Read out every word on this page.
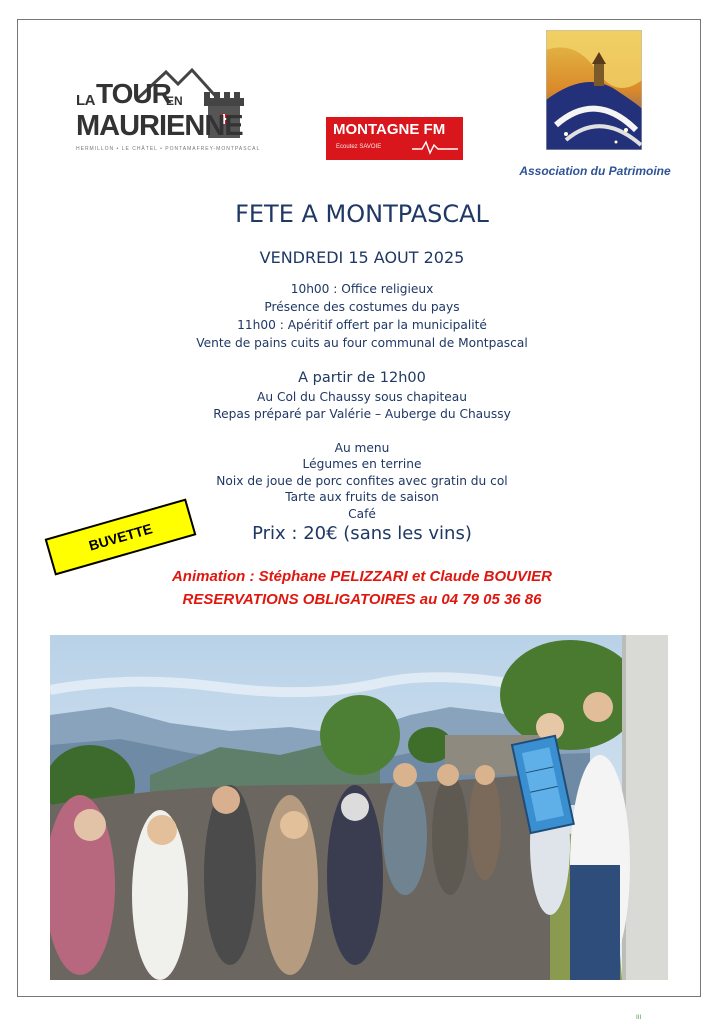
LA TOUR
EN
MAURIENNE
HERMILLON • LE CHÂTEL • PONTAMAFREY-MONTPASCAL
MONTAGNE FM
Ecoutez SAVOIE
Association du Patrimoine
FETE A MONTPASCAL
VENDREDI 15 AOUT 2025
10h00 : Office religieux
Présence des costumes du pays
11h00 : Apéritif offert par la municipalité
Vente de pains cuits au four communal de Montpascal
A partir de 12h00
Au Col du Chaussy sous chapiteau
Repas préparé par Valérie – Auberge du Chaussy
Au menu
Légumes en terrine
Noix de joue de porc confites avec gratin du col
Tarte aux fruits de saison
Café
Prix : 20€ (sans les vins)
BUVETTE
Animation : Stéphane PELIZZARI et Claude BOUVIER
RESERVATIONS OBLIGATOIRES au 04 79 05 36 86
III
